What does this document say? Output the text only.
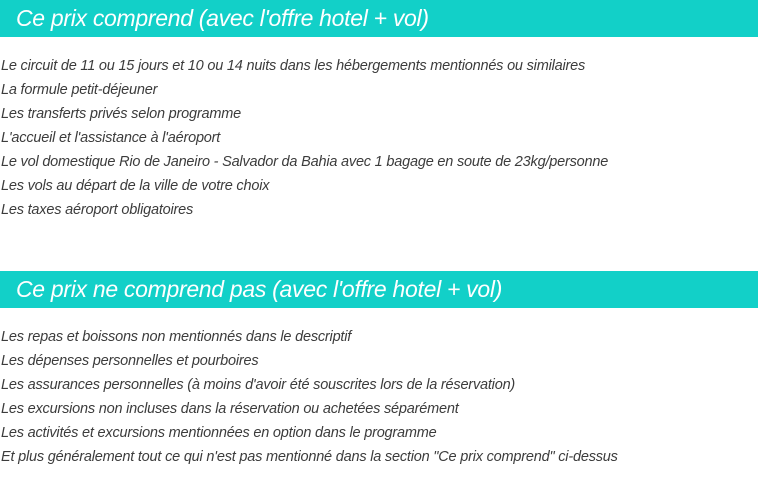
Ce prix comprend (avec l'offre hotel + vol)
Le circuit de 11 ou 15 jours et 10 ou 14 nuits dans les hébergements mentionnés ou similaires
La formule petit-déjeuner
Les transferts privés selon programme
L'accueil et l'assistance à l'aéroport
Le vol domestique Rio de Janeiro - Salvador da Bahia avec 1 bagage en soute de 23kg/personne
Les vols au départ de la ville de votre choix
Les taxes aéroport obligatoires
Ce prix ne comprend pas (avec l'offre hotel + vol)
Les repas et boissons non mentionnés dans le descriptif
Les dépenses personnelles et pourboires
Les assurances personnelles (à moins d'avoir été souscrites lors de la réservation)
Les excursions non incluses dans la réservation ou achetées séparément
Les activités et excursions mentionnées en option dans le programme
Et plus généralement tout ce qui n'est pas mentionné dans la section "Ce prix comprend" ci-dessus
